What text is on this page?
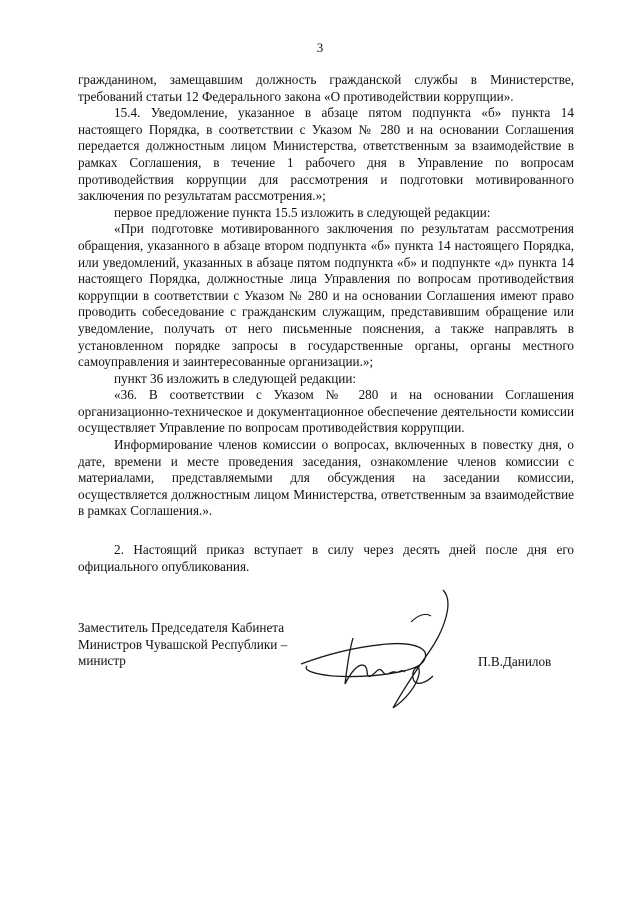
3

гражданином, замещавшим должность гражданской службы в Министерстве, требований статьи 12 Федерального закона «О противодействии коррупции».

15.4. Уведомление, указанное в абзаце пятом подпункта «б» пункта 14 настоящего Порядка, в соответствии с Указом № 280 и на основании Соглашения передается должностным лицом Министерства, ответственным за взаимодействие в рамках Соглашения, в течение 1 рабочего дня в Управление по вопросам противодействия коррупции для рассмотрения и подготовки мотивированного заключения по результатам рассмотрения.»;

первое предложение пункта 15.5 изложить в следующей редакции:

«При подготовке мотивированного заключения по результатам рассмотрения обращения, указанного в абзаце втором подпункта «б» пункта 14 настоящего Порядка, или уведомлений, указанных в абзаце пятом подпункта «б» и подпункте «д» пункта 14 настоящего Порядка, должностные лица Управления по вопросам противодействия коррупции в соответствии с Указом № 280 и на основании Соглашения имеют право проводить собеседование с гражданским служащим, представившим обращение или уведомление, получать от него письменные пояснения, а также направлять в установленном порядке запросы в государственные органы, органы местного самоуправления и заинтересованные организации.»;

пункт 36 изложить в следующей редакции:

«36. В соответствии с Указом № 280 и на основании Соглашения организационно-техническое и документационное обеспечение деятельности комиссии осуществляет Управление по вопросам противодействия коррупции.

Информирование членов комиссии о вопросах, включенных в повестку дня, о дате, времени и месте проведения заседания, ознакомление членов комиссии с материалами, представляемыми для обсуждения на заседании комиссии, осуществляется должностным лицом Министерства, ответственным за взаимодействие в рамках Соглашения.».

2. Настоящий приказ вступает в силу через десять дней после дня его официального опубликования.

Заместитель Председателя Кабинета
Министров Чувашской Республики –
министр	П.В.Данилов
